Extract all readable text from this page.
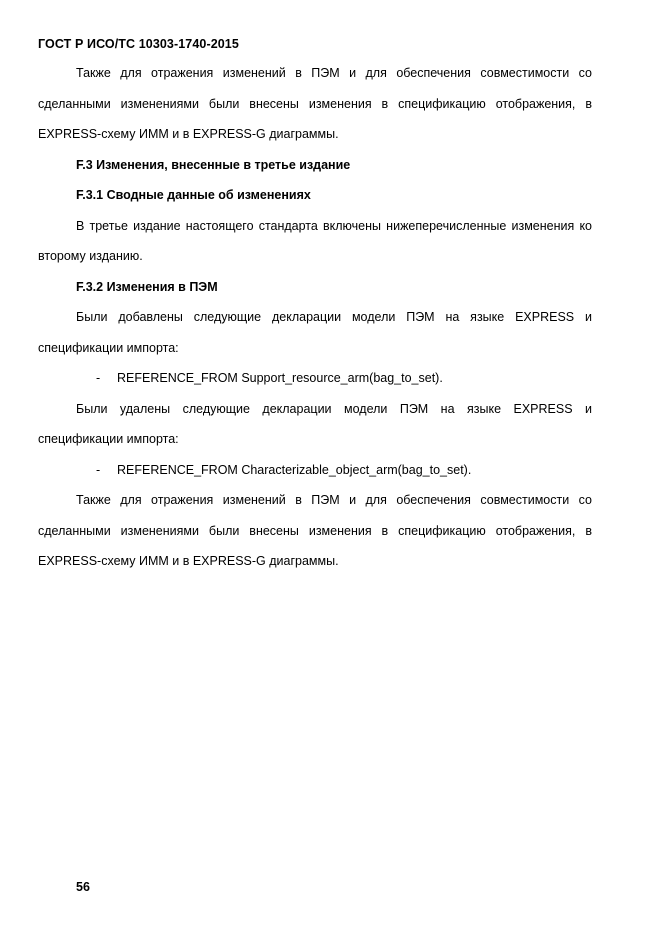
ГОСТ Р ИСО/ТС 10303-1740-2015

Также для отражения изменений в ПЭМ и для обеспечения совместимости со сделанными изменениями были внесены изменения в спецификацию отображения, в EXPRESS-схему ИММ и в EXPRESS-G диаграммы.

F.3 Изменения, внесенные в третье издание

F.3.1 Сводные данные об изменениях

В третье издание настоящего стандарта включены нижеперечисленные изменения ко второму изданию.

F.3.2 Изменения в ПЭМ

Были добавлены следующие декларации модели ПЭМ на языке EXPRESS и спецификации импорта:

- REFERENCE_FROM Support_resource_arm(bag_to_set).

Были удалены следующие декларации модели ПЭМ на языке EXPRESS и спецификации импорта:

- REFERENCE_FROM Characterizable_object_arm(bag_to_set).

Также для отражения изменений в ПЭМ и для обеспечения совместимости со сделанными изменениями были внесены изменения в спецификацию отображения, в EXPRESS-схему ИММ и в EXPRESS-G диаграммы.

56
